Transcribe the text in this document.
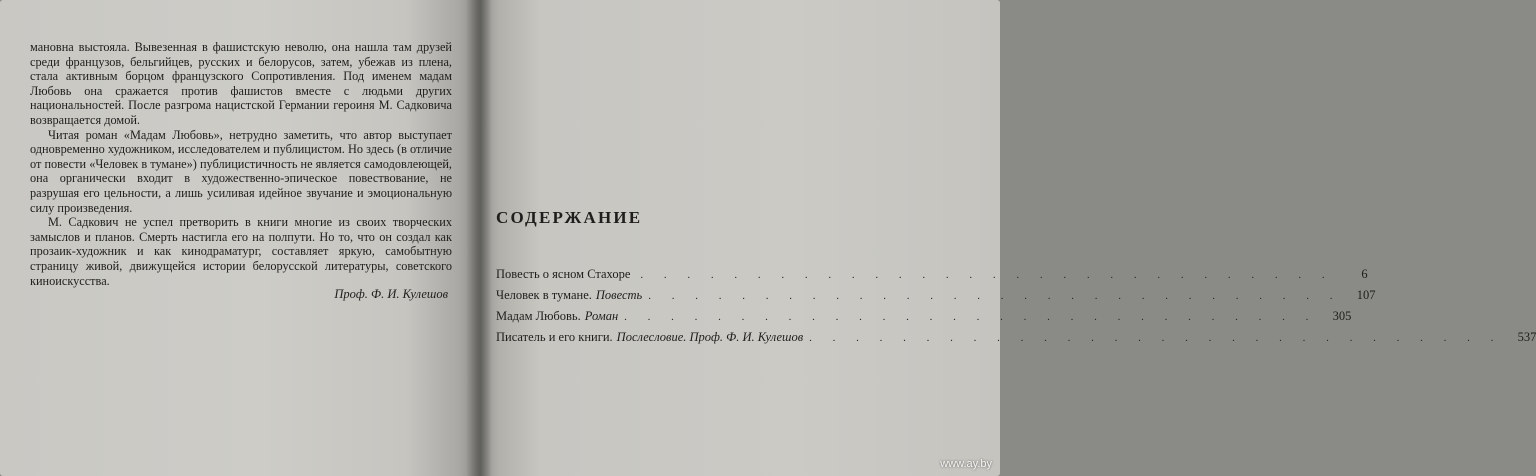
мановна выстояла. Вывезенная в фашистскую неволю, она нашла там друзей среди французов, бельгийцев, русских и белорусов, затем, убежав из плена, стала активным борцом французского Сопротивления. Под именем мадам Любовь она сражается против фашистов вместе с людьми других национальностей. После разгрома нацистской Германии героиня М. Садковича возвращается домой.

Читая роман «Мадам Любовь», нетрудно заметить, что автор выступает одновременно художником, исследователем и публицистом. Но здесь (в отличие от повести «Человек в тумане») публицистичность не является самодовлеющей, она органически входит в художественно-эпическое повествование, не разрушая его цельности, а лишь усиливая идейное звучание и эмоциональную силу произведения.

М. Садкович не успел претворить в книги многие из своих творческих замыслов и планов. Смерть настигла его на полпути. Но то, что он создал как прозаик-художник и как кинодраматург, составляет яркую, самобытную страницу живой, движущейся истории белорусской литературы, советского киноискусства.

Проф. Ф. И. Кулешов
СОДЕРЖАНИЕ
Повесть о ясном Стахоре . . . . . . . . . . . . . . . . . . . . . . . . . . . . . .	6
Человек в тумане. Повесть . . . . . . . . . . . . . . . . . . . . . . . . . . . . . .	107
Мадам Любовь. Роман . . . . . . . . . . . . . . . . . . . . . . . . . . . . . .	305
Писатель и его книги. Послесловие. Проф. Ф. И. Кулешов . . . . . . . . . . . . . . . . . . . . . . . . . . . . . .	537
www.ay.by
